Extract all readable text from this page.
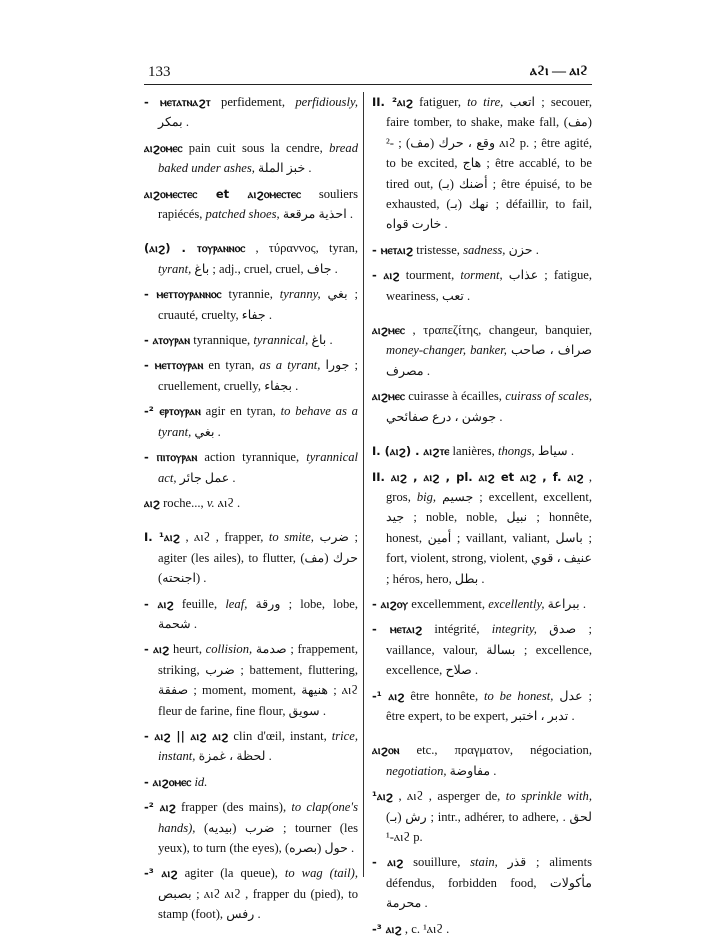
133	ⲁϩⲓ — ⲁⲓϩ

- ⲙⲉⲧⲁⲧⲛⲁϩⲧ perfidement, perfidiously, بمكر .

ⲁⲓϩⲟⲙⲉⲥ pain cuit sous la cendre, bread baked under ashes, خبز الملة .

ⲁⲓϩⲟⲙⲉⲥⲧⲉⲥ et ⲁⲓϩⲟⲙⲉⲥⲧⲉⲥ souliers rapiécés, patched shoes, احذية مرقعة .

(ⲁⲓϩ) . ⲧⲟⲩⲣⲁⲛⲛⲟⲥ , τύραννος, tyran, tyrant, باغ ; adj., cruel, cruel, جاف .

- ⲙⲉⲧⲧⲟⲩⲣⲁⲛⲛⲟⲥ tyrannie, tyranny, بغي ; cruauté, cruelty, جفاء .

- ⲁⲧⲟⲩⲣⲁⲛ tyrannique, tyrannical, باغ .

- ⲙⲉⲧⲧⲟⲩⲣⲁⲛ en tyran, as a tyrant, جورا ; cruellement, cruelly, بجفاء .

-² ⲉⲣⲧⲟⲩⲣⲁⲛ agir en tyran, to behave as a tyrant, بغي .

- ⲡⲓⲧⲟⲩⲣⲁⲛ action tyrannique, tyrannical act, عمل جائر .

ⲁⲓϩ roche..., v. ⲁⲓϩ .

I. ¹ⲁⲓϩ , ⲁⲓϩ , frapper, to smite, ضرب ; agiter (les ailes), to flutter, (مف) حرك (اجنحته) .

- ⲁⲓϩ feuille, leaf, ورقة ; lobe, lobe, شحمة .

- ⲁⲓϩ heurt, collision, صدمة ; frappement, striking, ضرب ; battement, fluttering, صفقة ; moment, moment, هنيهة ; ⲁⲓϩ fleur de farine, fine flour, سويق .

- ⲁⲓϩ || ⲁⲓϩ ⲁⲓϩ clin d'œil, instant, trice, instant, لحظة ، غمزة .

- ⲁⲓϩⲟⲙⲉⲥ id.

-² ⲁⲓϩ frapper (des mains), to clap(one's hands), ضرب (بيديه) ; tourner (les yeux), to turn (the eyes), حول (بصره) .

-³ ⲁⲓϩ agiter (la queue), to wag (tail), بصبص ; ⲁⲓϩ ⲁⲓϩ , frapper du (pied), to stamp (foot), رفس .

II. ²ⲁⲓϩ fatiguer, to tire, اتعب ; secouer, faire tomber, to shake, make fall, (مف) وقع ، حرك (مف) ; -² ⲁⲓϩ p. ; être agité, to be excited, هاج ; être accablé, to be tired out, (بـ) أضنك ; être épuisé, to be exhausted, (بـ) نهك ; défaillir, to fail, خارت قواه .

- ⲙⲉⲧⲁⲓϩ tristesse, sadness, حزن .

- ⲁⲓϩ tourment, torment, عذاب ; fatigue, weariness, تعب .

ⲁⲓϩⲙⲉⲥ , τραπεζίτης, changeur, banquier, money-changer, banker, صراف ، صاحب مصرف .

ⲁⲓϩⲙⲉⲥ cuirasse à écailles, cuirass of scales, جوشن ، درع صفائحي .

I. (ⲁⲓϩ) . ⲁⲓϩⲧⲉ lanières, thongs, سياط .

II. ⲁⲓϩ , ⲁⲓϩ , pl. ⲁⲓϩ et ⲁⲓϩ , f. ⲁⲓϩ , gros, big, جسيم ; excellent, excellent, جيد ; noble, noble, نبيل ; honnête, honest, أمين ; vaillant, valiant, باسل ; fort, violent, strong, violent, عنيف ، قوي ; héros, hero, بطل .

- ⲁⲓϩⲟⲩ excellemment, excellently, ببراعة .

- ⲙⲉⲧⲁⲓϩ intégrité, integrity, صدق ; vaillance, valour, بسالة ; excellence, excellence, صلاح .

-¹ ⲁⲓϩ être honnête, to be honest, عدل ; être expert, to be expert, تدبر ، اختبر .

ⲁⲓϩⲟⲛ etc., πραγματον, négociation, negotiation, مفاوضة .

¹ⲁⲓϩ , ⲁⲓϩ , asperger de, to sprinkle with, رش (بـ) ; intr., adhérer, to adhere, لحق . -¹ⲁⲓϩ p.

- ⲁⲓϩ souillure, stain, قذر ; aliments défendus, forbidden food, مأكولات محرمة .

-³ ⲁⲓϩ , c. ¹ⲁⲓϩ .
